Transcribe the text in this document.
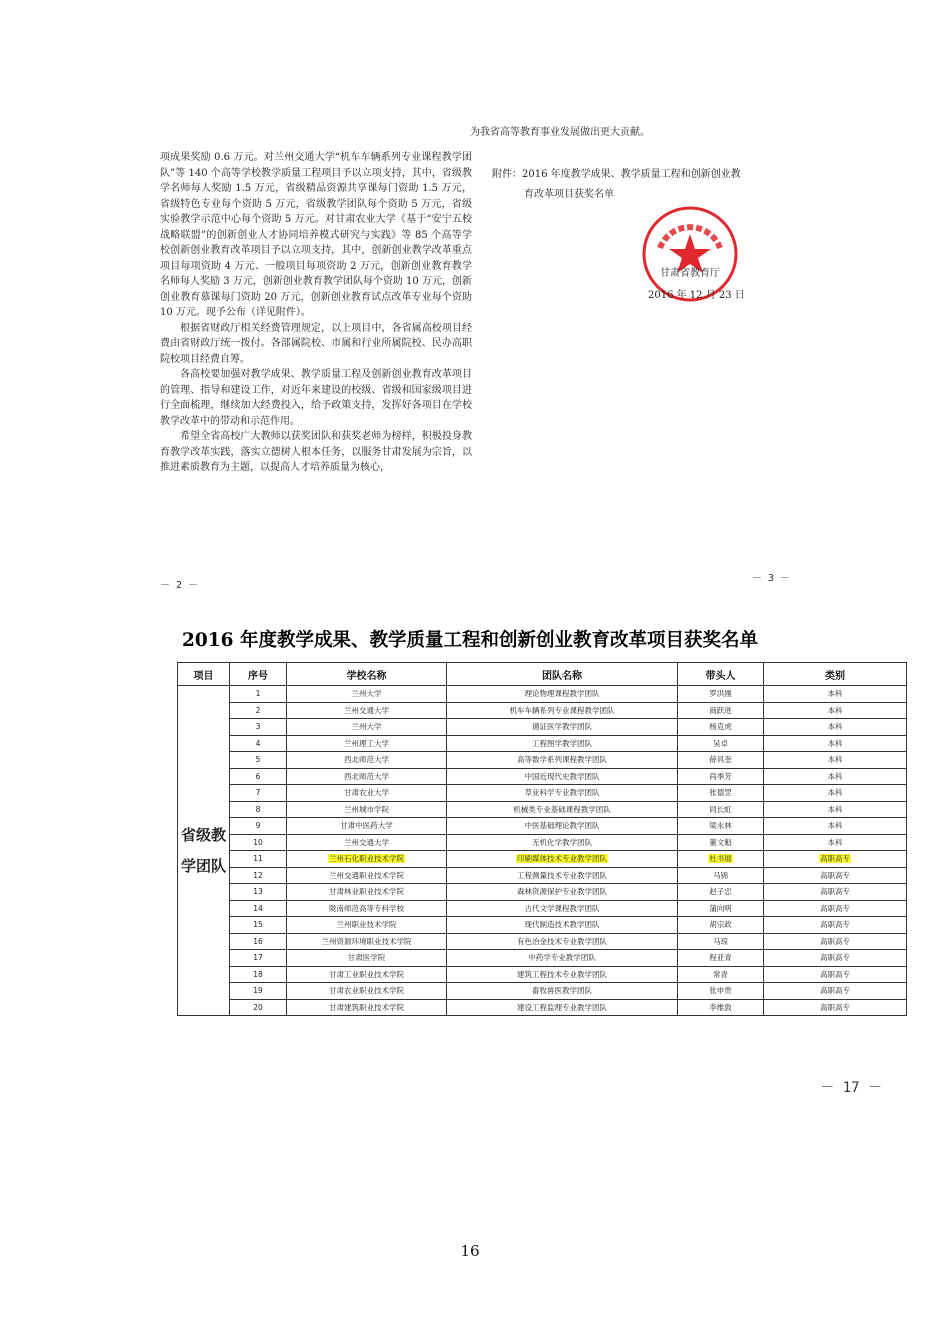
项成果奖励 0.6 万元。对兰州交通大学“机车车辆系列专业课程教学团队”等 140 个高等学校教学质量工程项目予以立项支持，其中，省级教学名师每人奖励 1.5 万元，省级精品资源共享课每门资助 1.5 万元，省级特色专业每个资助 5 万元，省级教学团队每个资助 5 万元，省级实验教学示范中心每个资助 5 万元。对甘肃农业大学《基于“安宁五校战略联盟”的创新创业人才协同培养模式研究与实践》等 85 个高等学校创新创业教育改革项目予以立项支持，其中，创新创业教学改革重点项目每项资助 4 万元、一般项目每项资助 2 万元，创新创业教育教学名师每人奖励 3 万元，创新创业教育教学团队每个资助 10 万元，创新创业教育慕课每门资助 20 万元，创新创业教育试点改革专业每个资助 10 万元。现予公布（详见附件）。

根据省财政厅相关经费管理规定，以上项目中，各省属高校项目经费由省财政厅统一拨付。各部属院校、市属和行业所属院校、民办高职院校项目经费自筹。

各高校要加强对教学成果、教学质量工程及创新创业教育改革项目的管理、指导和建设工作，对近年来建设的校级、省级和国家级项目进行全面梳理，继续加大经费投入，给予政策支持，发挥好各项目在学校教学改革中的带动和示范作用。

希望全省高校广大教师以获奖团队和获奖老师为榜样，积极投身教育教学改革实践，落实立德树人根本任务，以服务甘肃发展为宗旨，以推进素质教育为主题，以提高人才培养质量为核心，

－ 2 －
为我省高等教育事业发展做出更大贡献。
附件：2016 年度教学成果、教学质量工程和创新创业教
育改革项目获奖名单
甘肃省教育厅
2016 年 12 月 23 日
－ 3 －
2016 年度教学成果、教学质量工程和创新创业教育改革项目获奖名单
项目	序号	学校名称	团队名称	带头人	类别
省级教学团队	1	兰州大学	理论物理课程教学团队	罗洪刚	本科
	2	兰州交通大学	机车车辆系列专业课程教学团队	商跃进	本科
	3	兰州大学	循证医学教学团队	杨克虎	本科
	4	兰州理工大学	工程图学教学团队	吴卓	本科
	5	西北师范大学	高等数学系列课程教学团队	薛具奎	本科
	6	西北师范大学	中国近现代史教学团队	尚季芳	本科
	7	甘肃农业大学	草业科学专业教学团队	张德罡	本科
	8	兰州城市学院	机械类专业基础课程教学团队	同长虹	本科
	9	甘肃中医药大学	中医基础理论教学团队	梁永林	本科
	10	兰州交通大学	无机化学教学团队	董文魁	本科
	11	兰州石化职业技术学院	印刷媒体技术专业教学团队	杜书展	高职高专
	12	兰州交通职业技术学院	工程测量技术专业教学团队	马锦	高职高专
	13	甘肃林业职业技术学院	森林资源保护专业教学团队	赵子忠	高职高专
	14	陇南师范高等专科学校	古代文学课程教学团队	蒲向明	高职高专
	15	兰州职业技术学院	现代制造技术教学团队	胡宗政	高职高专
	16	兰州资源环境职业技术学院	有色冶金技术专业教学团队	马琼	高职高专
	17	甘肃医学院	中药学专业教学团队	程亚青	高职高专
	18	甘肃工业职业技术学院	建筑工程技术专业教学团队	常青	高职高专
	19	甘肃农业职业技术学院	畜牧兽医教学团队	张申贵	高职高专
	20	甘肃建筑职业技术学院	建设工程监理专业教学团队	李维敦	高职高专
－ 17 －
16
